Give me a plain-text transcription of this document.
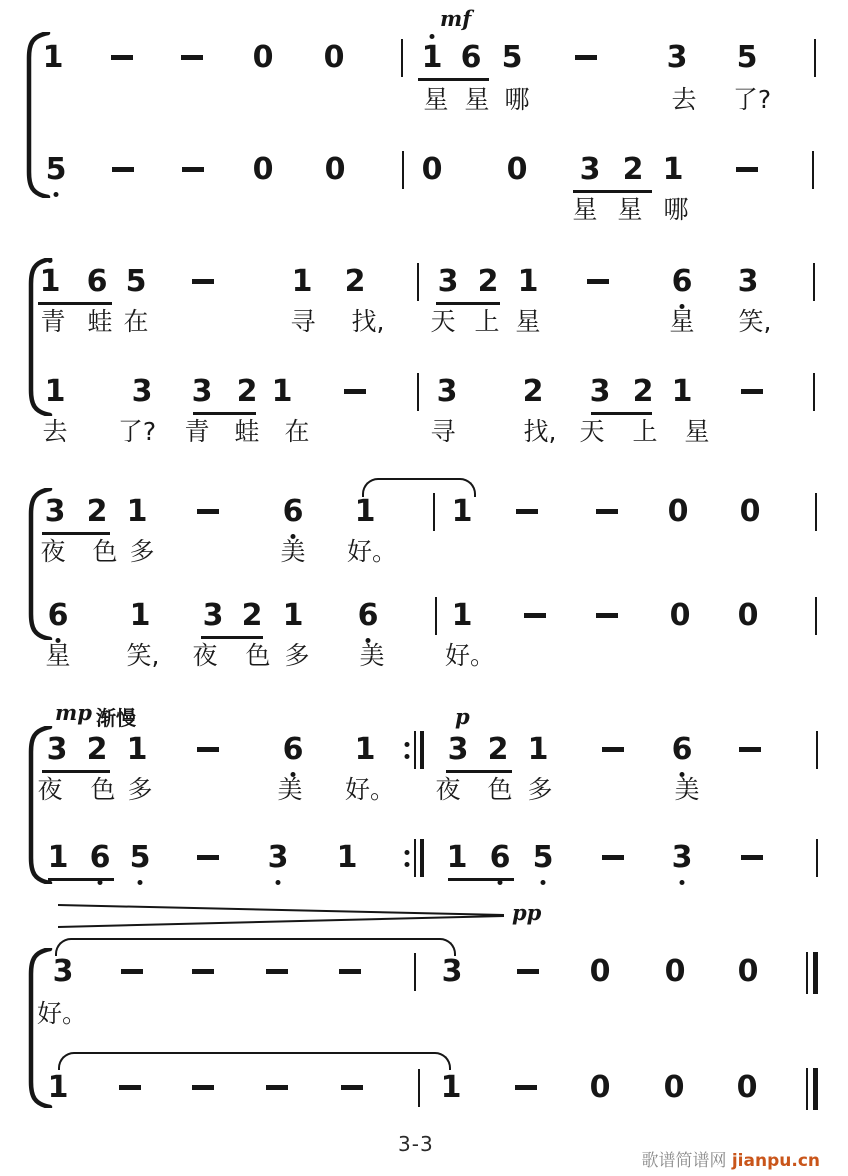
3-3
歌谱简谱网 jianpu.cn
mf
1	0 0	1 6 5	3 5
星 星 哪	去 了?
5	0 0	0 0 3 2 1
星 星 哪
1 6 5	1 2 3 2 1	6 3
青 蛙 在	寻 找, 天 上 星	星 笑,
1 3 3 2 1	3 2 3 2 1
去 了? 青 蛙 在	寻	找, 天 上 星
3 2 1	6 1	1	0 0
夜 色 多	美 好。
6 1 3 2 1 6 1	0 0
星 笑, 夜 色 多 美 好。
mp 渐慢	p
pp
3 2 1	6 1 3 2 1	6
夜 色 多	美 好。 夜 色 多	美
1 6 5	3 1	1 6 5	3
3	3	0 0 0
好。
1	1	0 0 0
